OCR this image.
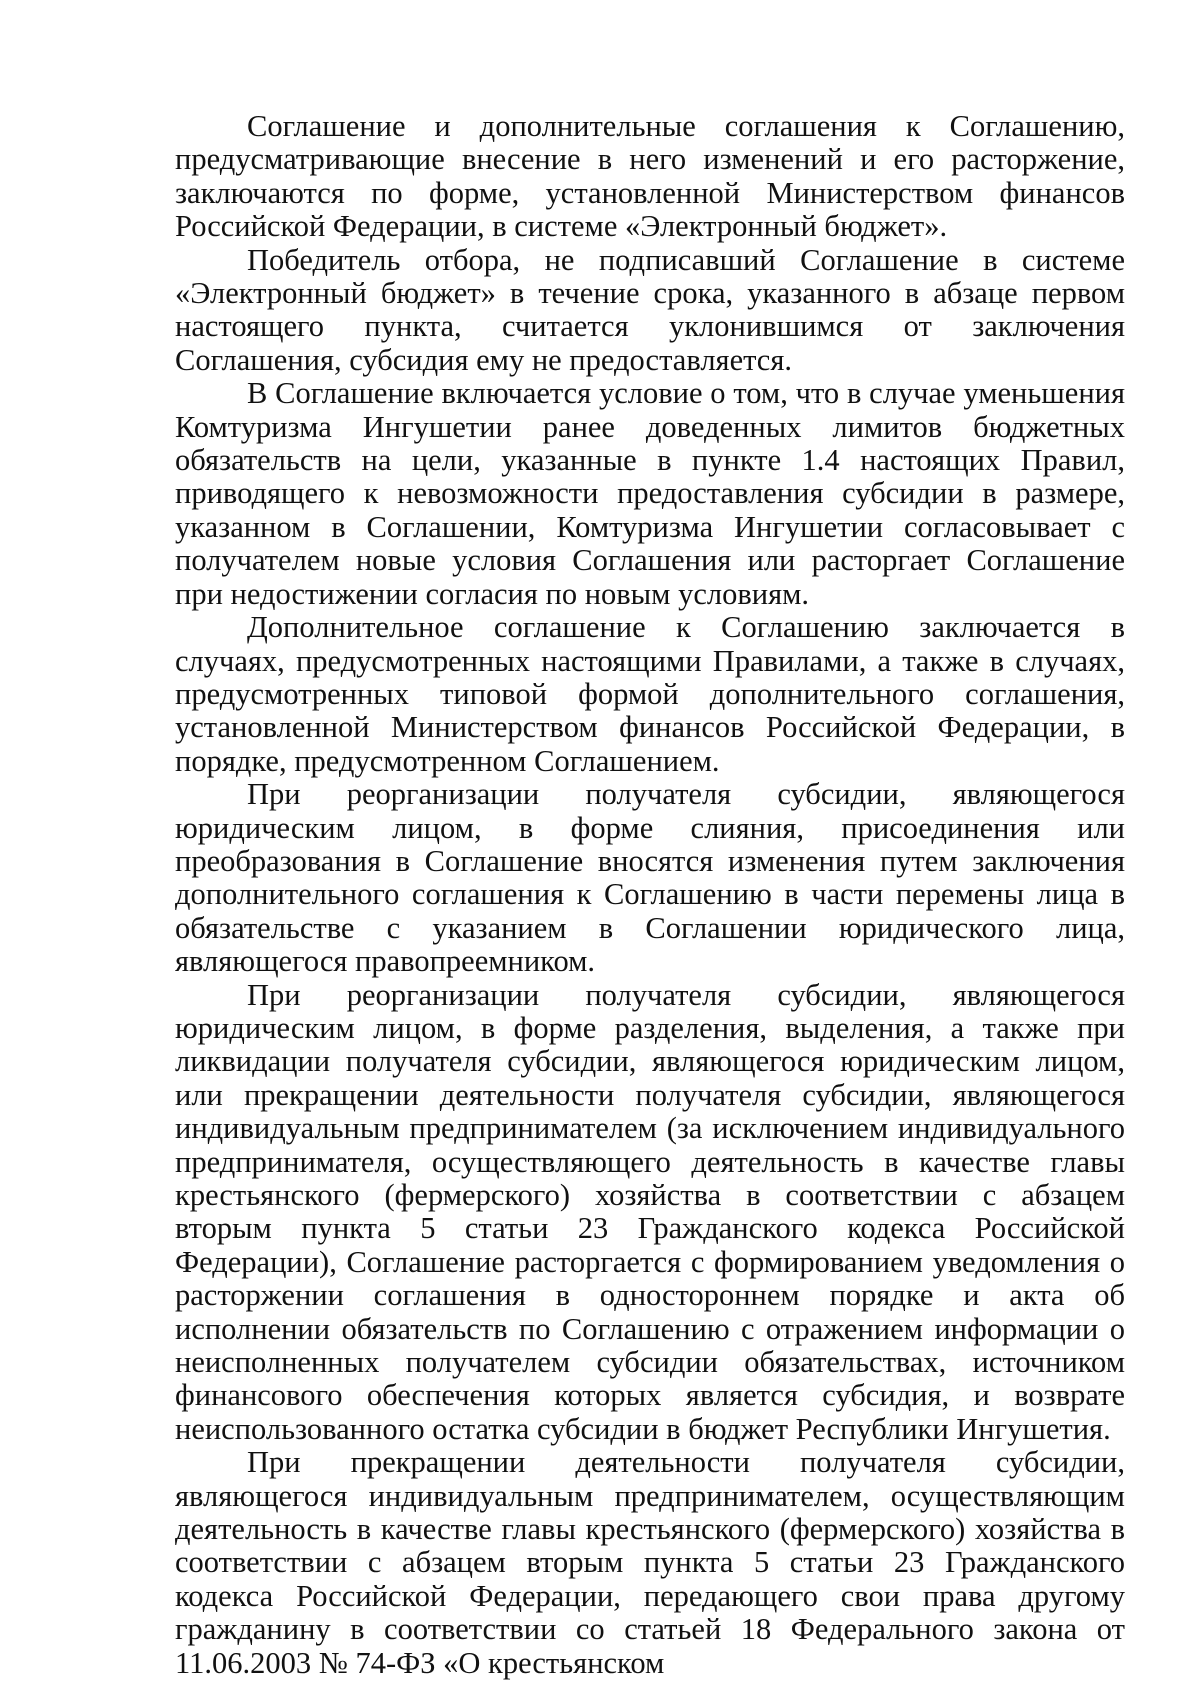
Соглашение и дополнительные соглашения к Соглашению, предусматривающие внесение в него изменений и его расторжение, заключаются по форме, установленной Министерством финансов Российской Федерации, в системе «Электронный бюджет».

Победитель отбора, не подписавший Соглашение в системе «Электронный бюджет» в течение срока, указанного в абзаце первом настоящего пункта, считается уклонившимся от заключения Соглашения, субсидия ему не предоставляется.

В Соглашение включается условие о том, что в случае уменьшения Комтуризма Ингушетии ранее доведенных лимитов бюджетных обязательств на цели, указанные в пункте 1.4 настоящих Правил, приводящего к невозможности предоставления субсидии в размере, указанном в Соглашении, Комтуризма Ингушетии согласовывает с получателем новые условия Соглашения или расторгает Соглашение при недостижении согласия по новым условиям.

Дополнительное соглашение к Соглашению заключается в случаях, предусмотренных настоящими Правилами, а также в случаях, предусмотренных типовой формой дополнительного соглашения, установленной Министерством финансов Российской Федерации, в порядке, предусмотренном Соглашением.

При реорганизации получателя субсидии, являющегося юридическим лицом, в форме слияния, присоединения или преобразования в Соглашение вносятся изменения путем заключения дополнительного соглашения к Соглашению в части перемены лица в обязательстве с указанием в Соглашении юридического лица, являющегося правопреемником.

При реорганизации получателя субсидии, являющегося юридическим лицом, в форме разделения, выделения, а также при ликвидации получателя субсидии, являющегося юридическим лицом, или прекращении деятельности получателя субсидии, являющегося индивидуальным предпринимателем (за исключением индивидуального предпринимателя, осуществляющего деятельность в качестве главы крестьянского (фермерского) хозяйства в соответствии с абзацем вторым пункта 5 статьи 23 Гражданского кодекса Российской Федерации), Соглашение расторгается с формированием уведомления о расторжении соглашения в одностороннем порядке и акта об исполнении обязательств по Соглашению с отражением информации о неисполненных получателем субсидии обязательствах, источником финансового обеспечения которых является субсидия, и возврате неиспользованного остатка субсидии в бюджет Республики Ингушетия.

При прекращении деятельности получателя субсидии, являющегося индивидуальным предпринимателем, осуществляющим деятельность в качестве главы крестьянского (фермерского) хозяйства в соответствии с абзацем вторым пункта 5 статьи 23 Гражданского кодекса Российской Федерации, передающего свои права другому гражданину в соответствии со статьей 18 Федерального закона от 11.06.2003 № 74-ФЗ «О крестьянском
